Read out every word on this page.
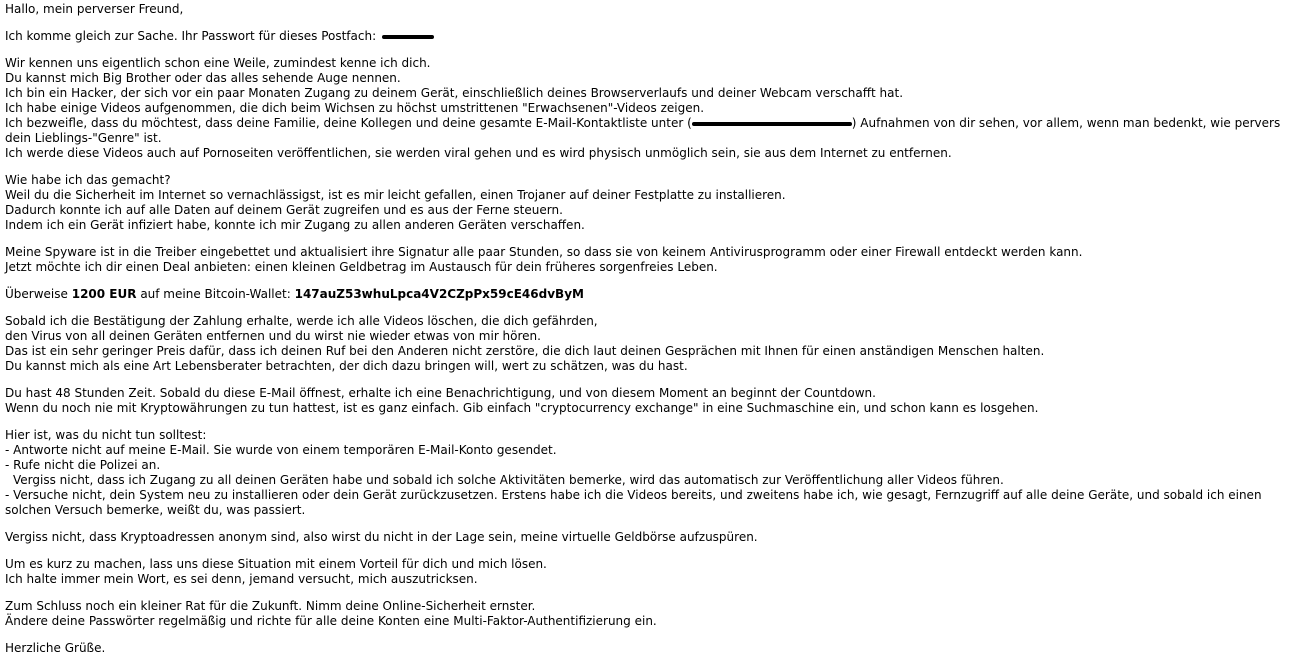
Hallo, mein perverser Freund,
Ich komme gleich zur Sache. Ihr Passwort für dieses Postfach:
Wir kennen uns eigentlich schon eine Weile, zumindest kenne ich dich.
Du kannst mich Big Brother oder das alles sehende Auge nennen.
Ich bin ein Hacker, der sich vor ein paar Monaten Zugang zu deinem Gerät, einschließlich deines Browserverlaufs und deiner Webcam verschafft hat.
Ich habe einige Videos aufgenommen, die dich beim Wichsen zu höchst umstrittenen "Erwachsenen"-Videos zeigen.
Ich bezweifle, dass du möchtest, dass deine Familie, deine Kollegen und deine gesamte E-Mail-Kontaktliste unter (	) Aufnahmen von dir sehen, vor allem, wenn man bedenkt, wie pervers dein Lieblings-"Genre" ist.
Ich werde diese Videos auch auf Pornoseiten veröffentlichen, sie werden viral gehen und es wird physisch unmöglich sein, sie aus dem Internet zu entfernen.
Wie habe ich das gemacht?
Weil du die Sicherheit im Internet so vernachlässigst, ist es mir leicht gefallen, einen Trojaner auf deiner Festplatte zu installieren.
Dadurch konnte ich auf alle Daten auf deinem Gerät zugreifen und es aus der Ferne steuern.
Indem ich ein Gerät infiziert habe, konnte ich mir Zugang zu allen anderen Geräten verschaffen.
Meine Spyware ist in die Treiber eingebettet und aktualisiert ihre Signatur alle paar Stunden, so dass sie von keinem Antivirusprogramm oder einer Firewall entdeckt werden kann.
Jetzt möchte ich dir einen Deal anbieten: einen kleinen Geldbetrag im Austausch für dein früheres sorgenfreies Leben.
Überweise 1200 EUR auf meine Bitcoin-Wallet: 147auZ53whuLpca4V2CZpPx59cE46dvByM
Sobald ich die Bestätigung der Zahlung erhalte, werde ich alle Videos löschen, die dich gefährden,
den Virus von all deinen Geräten entfernen und du wirst nie wieder etwas von mir hören.
Das ist ein sehr geringer Preis dafür, dass ich deinen Ruf bei den Anderen nicht zerstöre, die dich laut deinen Gesprächen mit Ihnen für einen anständigen Menschen halten.
Du kannst mich als eine Art Lebensberater betrachten, der dich dazu bringen will, wert zu schätzen, was du hast.
Du hast 48 Stunden Zeit. Sobald du diese E-Mail öffnest, erhalte ich eine Benachrichtigung, und von diesem Moment an beginnt der Countdown.
Wenn du noch nie mit Kryptowährungen zu tun hattest, ist es ganz einfach. Gib einfach "cryptocurrency exchange" in eine Suchmaschine ein, und schon kann es losgehen.
Hier ist, was du nicht tun solltest:
- Antworte nicht auf meine E-Mail. Sie wurde von einem temporären E-Mail-Konto gesendet.
- Rufe nicht die Polizei an.
Vergiss nicht, dass ich Zugang zu all deinen Geräten habe und sobald ich solche Aktivitäten bemerke, wird das automatisch zur Veröffentlichung aller Videos führen.
- Versuche nicht, dein System neu zu installieren oder dein Gerät zurückzusetzen. Erstens habe ich die Videos bereits, und zweitens habe ich, wie gesagt, Fernzugriff auf alle deine Geräte, und sobald ich einen solchen Versuch bemerke, weißt du, was passiert.
Vergiss nicht, dass Kryptoadressen anonym sind, also wirst du nicht in der Lage sein, meine virtuelle Geldbörse aufzuspüren.
Um es kurz zu machen, lass uns diese Situation mit einem Vorteil für dich und mich lösen.
Ich halte immer mein Wort, es sei denn, jemand versucht, mich auszutricksen.
Zum Schluss noch ein kleiner Rat für die Zukunft. Nimm deine Online-Sicherheit ernster.
Ändere deine Passwörter regelmäßig und richte für alle deine Konten eine Multi-Faktor-Authentifizierung ein.
Herzliche Grüße.
